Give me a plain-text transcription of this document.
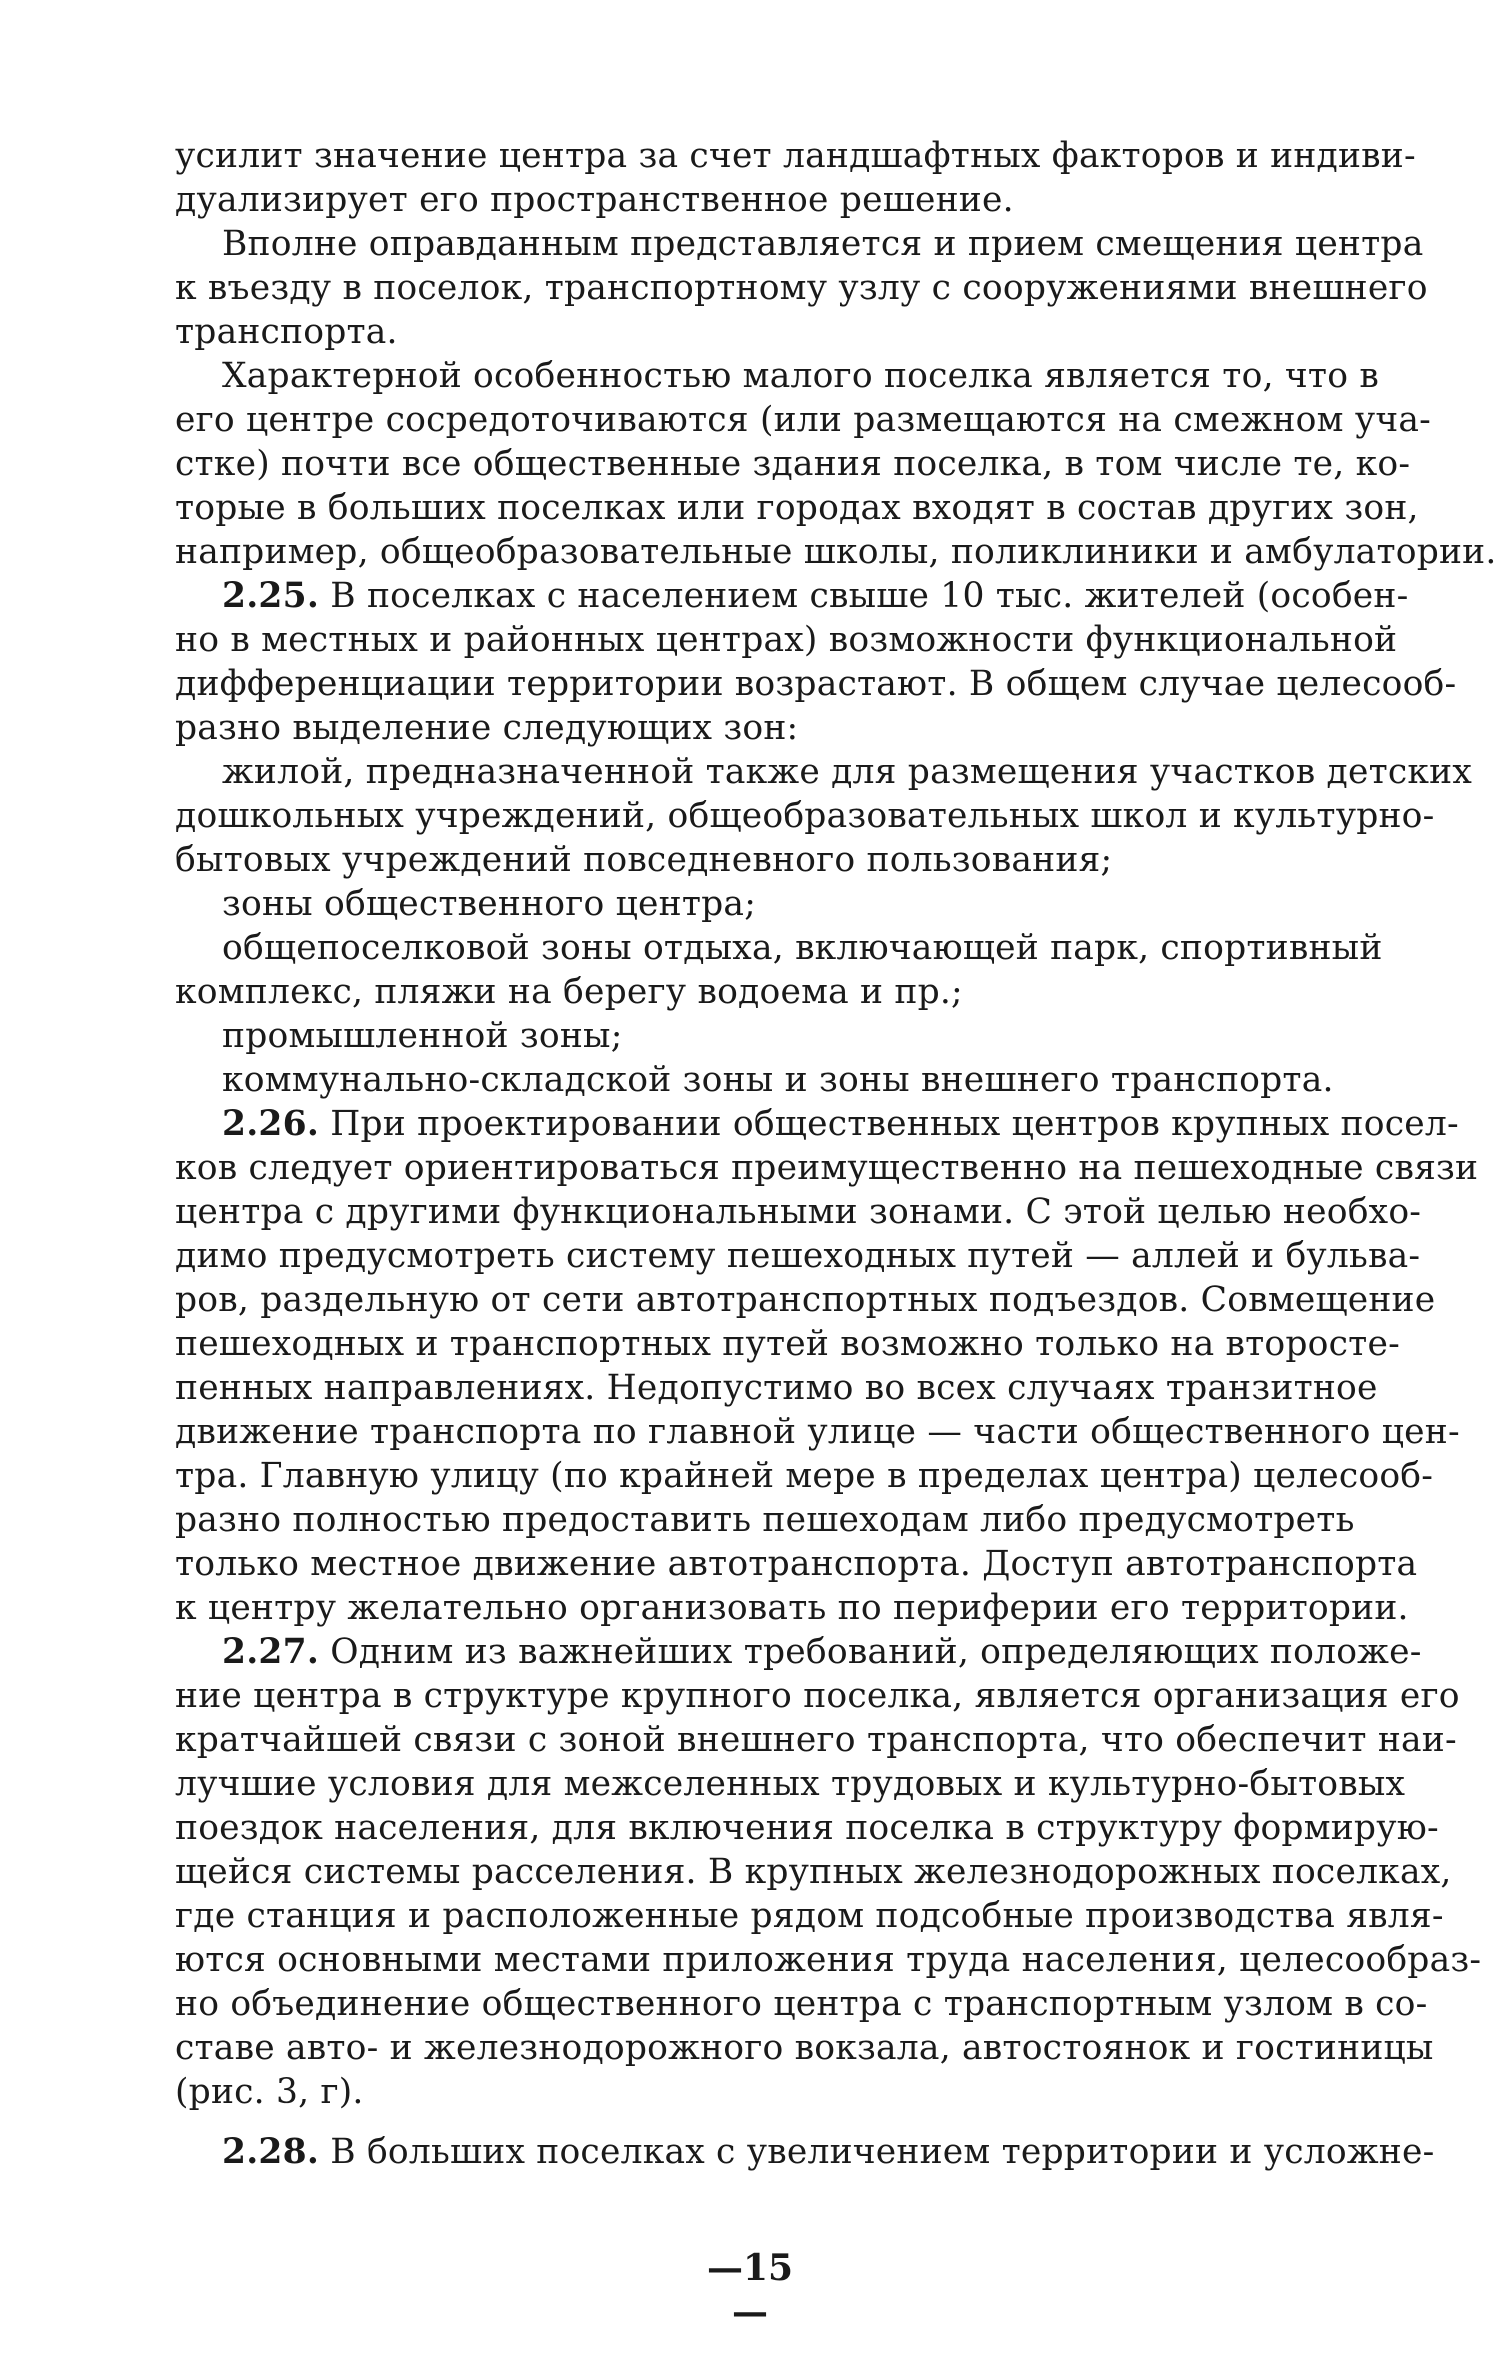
усилит значение центра за счет ландшафтных факторов и индиви-
дуализирует его пространственное решение.
Вполне оправданным представляется и прием смещения центра
к въезду в поселок, транспортному узлу с сооружениями внешнего
транспорта.
Характерной особенностью малого поселка является то, что в
его центре сосредоточиваются (или размещаются на смежном уча-
стке) почти все общественные здания поселка, в том числе те, ко-
торые в больших поселках или городах входят в состав других зон,
например, общеобразовательные школы, поликлиники и амбулатории.
2.25. В поселках с населением свыше 10 тыс. жителей (особен-
но в местных и районных центрах) возможности функциональной
дифференциации территории возрастают. В общем случае целесооб-
разно выделение следующих зон:
жилой, предназначенной также для размещения участков детских
дошкольных учреждений, общеобразовательных школ и культурно-
бытовых учреждений повседневного пользования;
зоны общественного центра;
общепоселковой зоны отдыха, включающей парк, спортивный
комплекс, пляжи на берегу водоема и пр.;
промышленной зоны;
коммунально-складской зоны и зоны внешнего транспорта.
2.26. При проектировании общественных центров крупных посел-
ков следует ориентироваться преимущественно на пешеходные связи
центра с другими функциональными зонами. С этой целью необхо-
димо предусмотреть систему пешеходных путей — аллей и бульва-
ров, раздельную от сети автотранспортных подъездов. Совмещение
пешеходных и транспортных путей возможно только на второсте-
пенных направлениях. Недопустимо во всех случаях транзитное
движение транспорта по главной улице — части общественного цен-
тра. Главную улицу (по крайней мере в пределах центра) целесооб-
разно полностью предоставить пешеходам либо предусмотреть
только местное движение автотранспорта. Доступ автотранспорта
к центру желательно организовать по периферии его территории.
2.27. Одним из важнейших требований, определяющих положе-
ние центра в структуре крупного поселка, является организация его
кратчайшей связи с зоной внешнего транспорта, что обеспечит наи-
лучшие условия для межселенных трудовых и культурно-бытовых
поездок населения, для включения поселка в структуру формирую-
щейся системы расселения. В крупных железнодорожных поселках,
где станция и расположенные рядом подсобные производства явля-
ются основными местами приложения труда населения, целесообраз-
но объединение общественного центра с транспортным узлом в со-
ставе авто- и железнодорожного вокзала, автостоянок и гостиницы
(рис. 3, г).
2.28. В больших поселках с увеличением территории и усложне-
—15—
